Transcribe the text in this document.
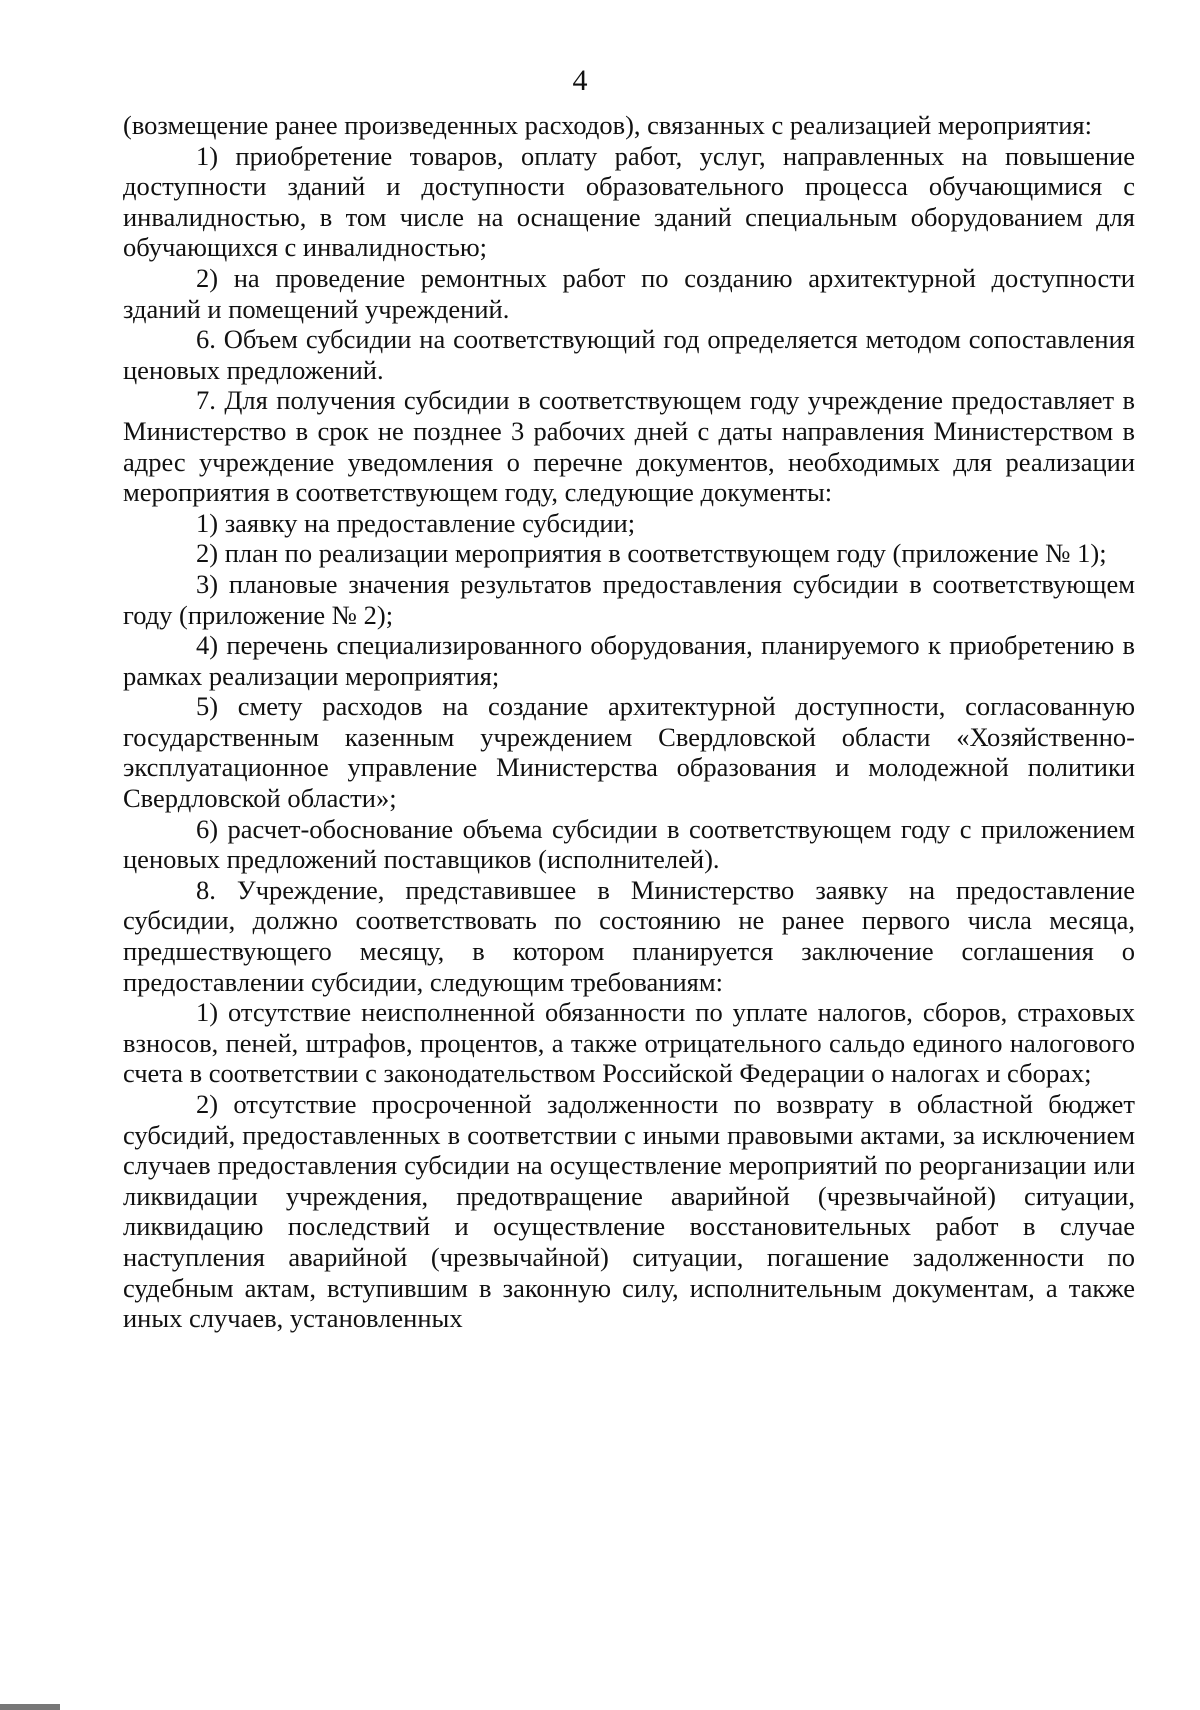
4

(возмещение ранее произведенных расходов), связанных с реализацией мероприятия:

1) приобретение товаров, оплату работ, услуг, направленных на повышение доступности зданий и доступности образовательного процесса обучающимися с инвалидностью, в том числе на оснащение зданий специальным оборудованием для обучающихся с инвалидностью;

2) на проведение ремонтных работ по созданию архитектурной доступности зданий и помещений учреждений.

6. Объем субсидии на соответствующий год определяется методом сопоставления ценовых предложений.

7. Для получения субсидии в соответствующем году учреждение предоставляет в Министерство в срок не позднее 3 рабочих дней с даты направления Министерством в адрес учреждение уведомления о перечне документов, необходимых для реализации мероприятия в соответствующем году, следующие документы:

1) заявку на предоставление субсидии;

2) план по реализации мероприятия в соответствующем году (приложение № 1);

3) плановые значения результатов предоставления субсидии в соответствующем году (приложение № 2);

4) перечень специализированного оборудования, планируемого к приобретению в рамках реализации мероприятия;

5) смету расходов на создание архитектурной доступности, согласованную государственным казенным учреждением Свердловской области «Хозяйственно-эксплуатационное управление Министерства образования и молодежной политики Свердловской области»;

6) расчет-обоснование объема субсидии в соответствующем году с приложением ценовых предложений поставщиков (исполнителей).

8. Учреждение, представившее в Министерство заявку на предоставление субсидии, должно соответствовать по состоянию не ранее первого числа месяца, предшествующего месяцу, в котором планируется заключение соглашения о предоставлении субсидии, следующим требованиям:

1) отсутствие неисполненной обязанности по уплате налогов, сборов, страховых взносов, пеней, штрафов, процентов, а также отрицательного сальдо единого налогового счета в соответствии с законодательством Российской Федерации о налогах и сборах;

2) отсутствие просроченной задолженности по возврату в областной бюджет субсидий, предоставленных в соответствии с иными правовыми актами, за исключением случаев предоставления субсидии на осуществление мероприятий по реорганизации или ликвидации учреждения, предотвращение аварийной (чрезвычайной) ситуации, ликвидацию последствий и осуществление восстановительных работ в случае наступления аварийной (чрезвычайной) ситуации, погашение задолженности по судебным актам, вступившим в законную силу, исполнительным документам, а также иных случаев, установленных
